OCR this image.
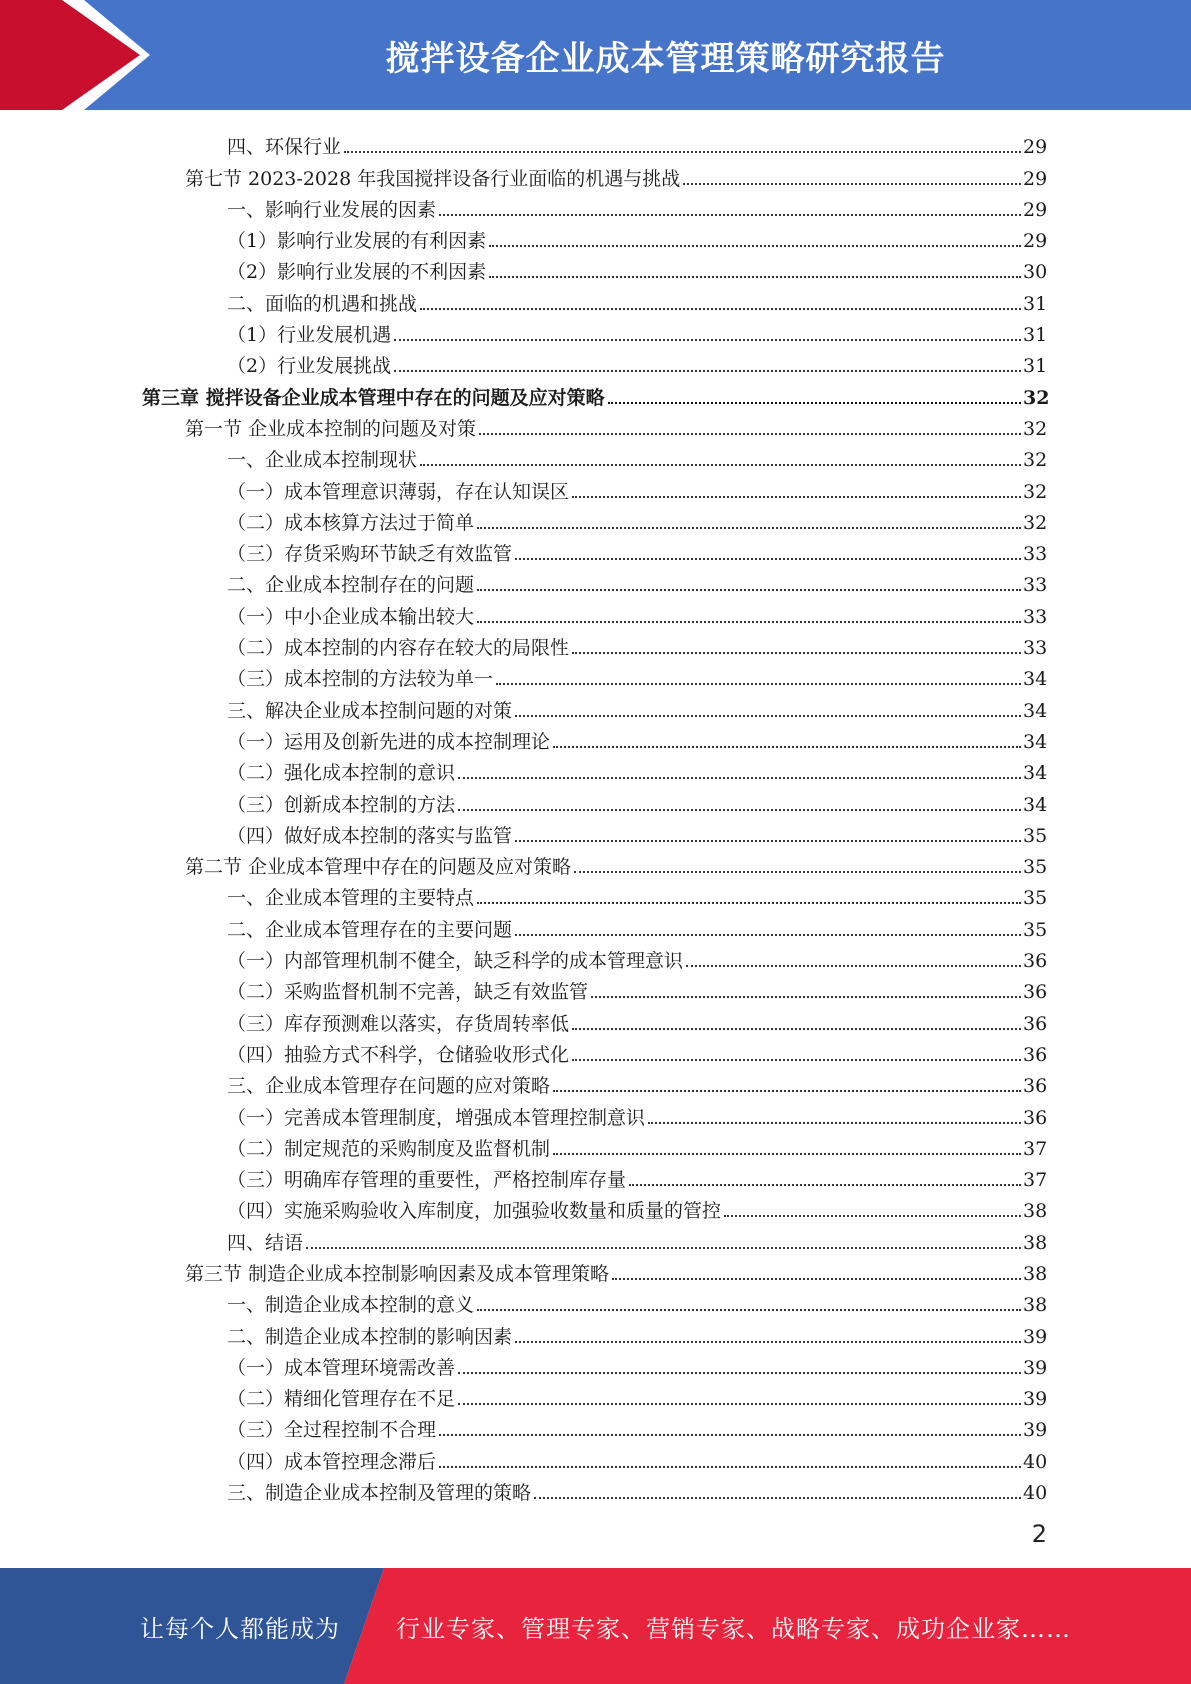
搅拌设备企业成本管理策略研究报告
四、环保行业	29
第七节 2023-2028 年我国搅拌设备行业面临的机遇与挑战	29
一、影响行业发展的因素	29
（1）影响行业发展的有利因素	29
（2）影响行业发展的不利因素	30
二、面临的机遇和挑战	31
（1）行业发展机遇	31
（2）行业发展挑战	31
第三章 搅拌设备企业成本管理中存在的问题及应对策略	32
第一节 企业成本控制的问题及对策	32
一、企业成本控制现状	32
（一）成本管理意识薄弱，存在认知误区	32
（二）成本核算方法过于简单	32
（三）存货采购环节缺乏有效监管	33
二、企业成本控制存在的问题	33
（一）中小企业成本输出较大	33
（二）成本控制的内容存在较大的局限性	33
（三）成本控制的方法较为单一	34
三、解决企业成本控制问题的对策	34
（一）运用及创新先进的成本控制理论	34
（二）强化成本控制的意识	34
（三）创新成本控制的方法	34
（四）做好成本控制的落实与监管	35
第二节 企业成本管理中存在的问题及应对策略	35
一、企业成本管理的主要特点	35
二、企业成本管理存在的主要问题	35
（一）内部管理机制不健全，缺乏科学的成本管理意识	36
（二）采购监督机制不完善，缺乏有效监管	36
（三）库存预测难以落实，存货周转率低	36
（四）抽验方式不科学，仓储验收形式化	36
三、企业成本管理存在问题的应对策略	36
（一）完善成本管理制度，增强成本管理控制意识	36
（二）制定规范的采购制度及监督机制	37
（三）明确库存管理的重要性，严格控制库存量	37
（四）实施采购验收入库制度，加强验收数量和质量的管控	38
四、结语	38
第三节 制造企业成本控制影响因素及成本管理策略	38
一、制造企业成本控制的意义	38
二、制造企业成本控制的影响因素	39
（一）成本管理环境需改善	39
（二）精细化管理存在不足	39
（三）全过程控制不合理	39
（四）成本管控理念滞后	40
三、制造企业成本控制及管理的策略	40
2
让每个人都能成为 行业专家、管理专家、营销专家、战略专家、成功企业家……
